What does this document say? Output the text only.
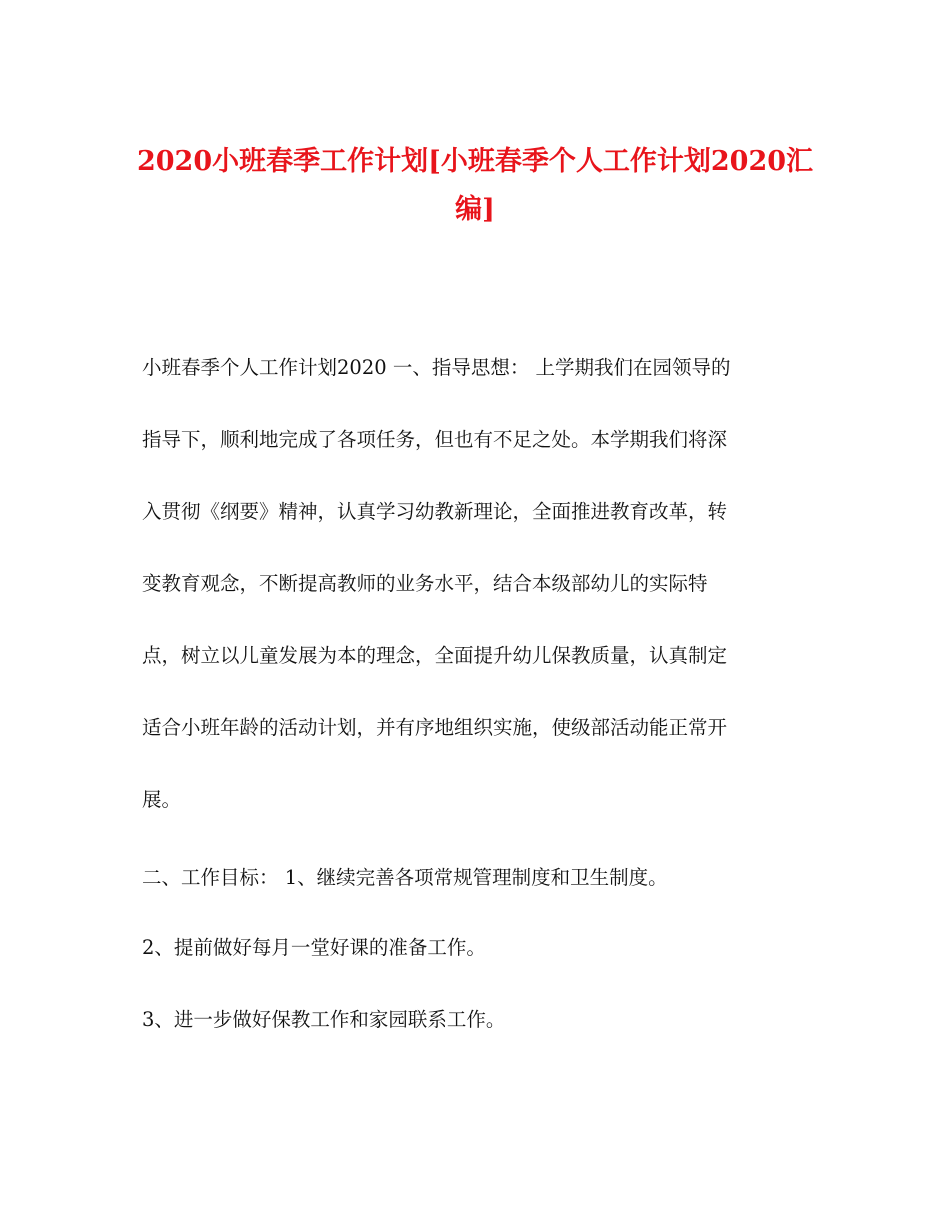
2020小班春季工作计划[小班春季个人工作计划2020汇编]

小班春季个人工作计划2020 一、指导思想： 上学期我们在园领导的

指导下，顺利地完成了各项任务，但也有不足之处。本学期我们将深

入贯彻《纲要》精神，认真学习幼教新理论，全面推进教育改革，转

变教育观念，不断提高教师的业务水平，结合本级部幼儿的实际特

点，树立以儿童发展为本的理念，全面提升幼儿保教质量，认真制定

适合小班年龄的活动计划，并有序地组织实施，使级部活动能正常开

展。

二、工作目标： 1、继续完善各项常规管理制度和卫生制度。

2、提前做好每月一堂好课的准备工作。

3、进一步做好保教工作和家园联系工作。
